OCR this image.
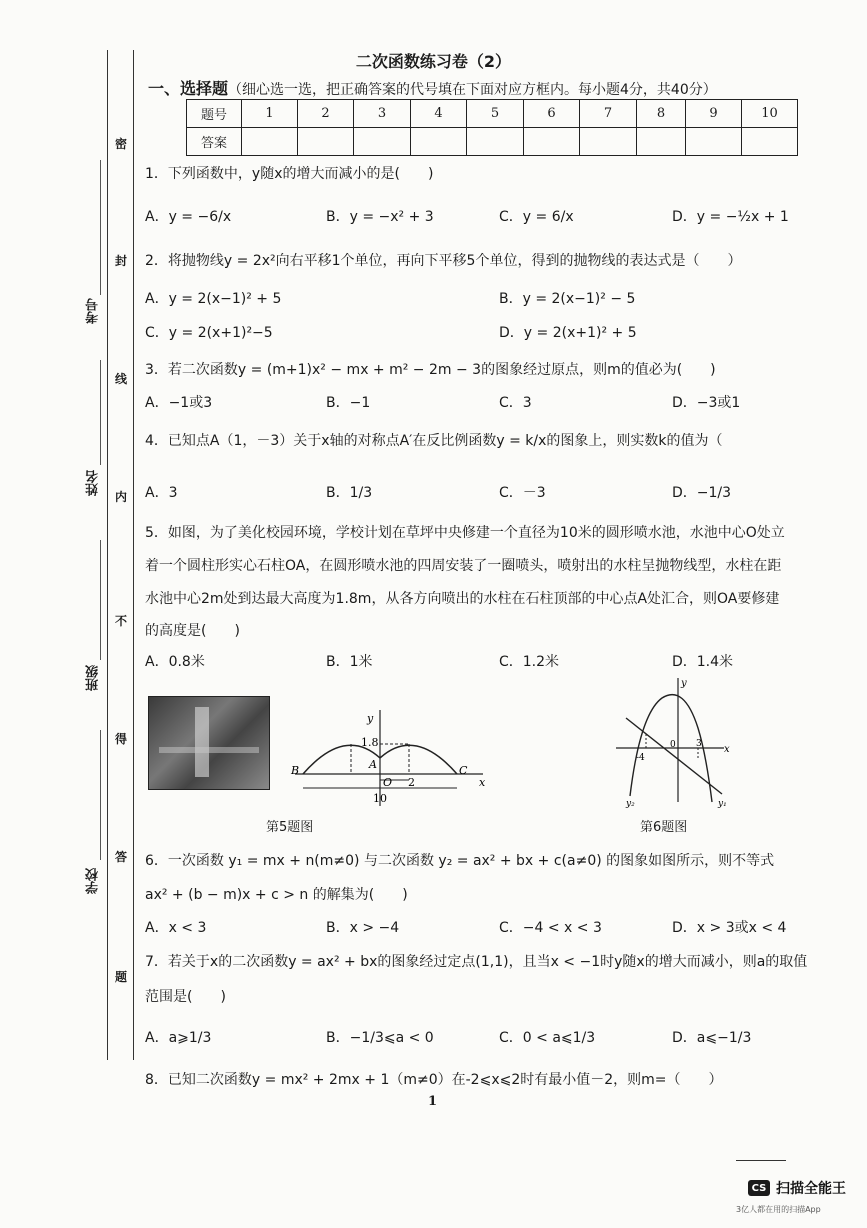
密
封
线
内
不
得
答
题
考号
姓名
班级
学校
二次函数练习卷（2）
一、选择题（细心选一选，把正确答案的代号填在下面对应方框内。每小题4分，共40分）
题号	1	2	3	4	5	6	7	8	9	10
答案										
1．下列函数中，y随x的增大而减小的是(　　)
A．y = −6/x	B．y = −x² + 3	C．y = 6/x	D．y = −½x + 1
2．将抛物线y = 2x²向右平移1个单位，再向下平移5个单位，得到的抛物线的表达式是（　　）
A．y = 2(x−1)² + 5	B．y = 2(x−1)² − 5
C．y = 2(x+1)²−5	D．y = 2(x+1)² + 5
3．若二次函数y = (m+1)x² − mx + m² − 2m − 3的图象经过原点，则m的值必为(　　)
A．−1或3	B．−1	C．3	D．−3或1
4．已知点A（1，－3）关于x轴的对称点A′在反比例函数y = k/x的图象上，则实数k的值为（
A．3	B．1/3	C．－3	D．−1/3
5．如图，为了美化校园环境，学校计划在草坪中央修建一个直径为10米的圆形喷水池，水池中心O处立
着一个圆柱形实心石柱OA，在圆形喷水池的四周安装了一圈喷头，喷射出的水柱呈抛物线型，水柱在距
水池中心2m处到达最大高度为1.8m，从各方向喷出的水柱在石柱顶部的中心点A处汇合，则OA要修建
的高度是(　　)
A．0.8米	B．1米	C．1.2米	D．1.4米
y
1.8
A
O
B	C
2
10
x
第5题图
y
x
-4
0 3
y₁
y₂
第6题图
6．一次函数 y₁ = mx + n(m≠0) 与二次函数 y₂ = ax² + bx + c(a≠0) 的图象如图所示，则不等式
ax² + (b − m)x + c > n 的解集为(　　)
A．x < 3	B．x > −4	C．−4 < x < 3	D．x > 3或x < 4
7．若关于x的二次函数y = ax² + bx的图象经过定点(1,1)，且当x < −1时y随x的增大而减小，则a的取值
范围是(　　)
A．a⩾1/3	B．−1/3⩽a < 0	C．0 < a⩽1/3	D．a⩽−1/3
8．已知二次函数y = mx² + 2mx + 1（m≠0）在-2⩽x⩽2时有最小值－2，则m=（　　）
1
CS 扫描全能王
3亿人都在用的扫描App
